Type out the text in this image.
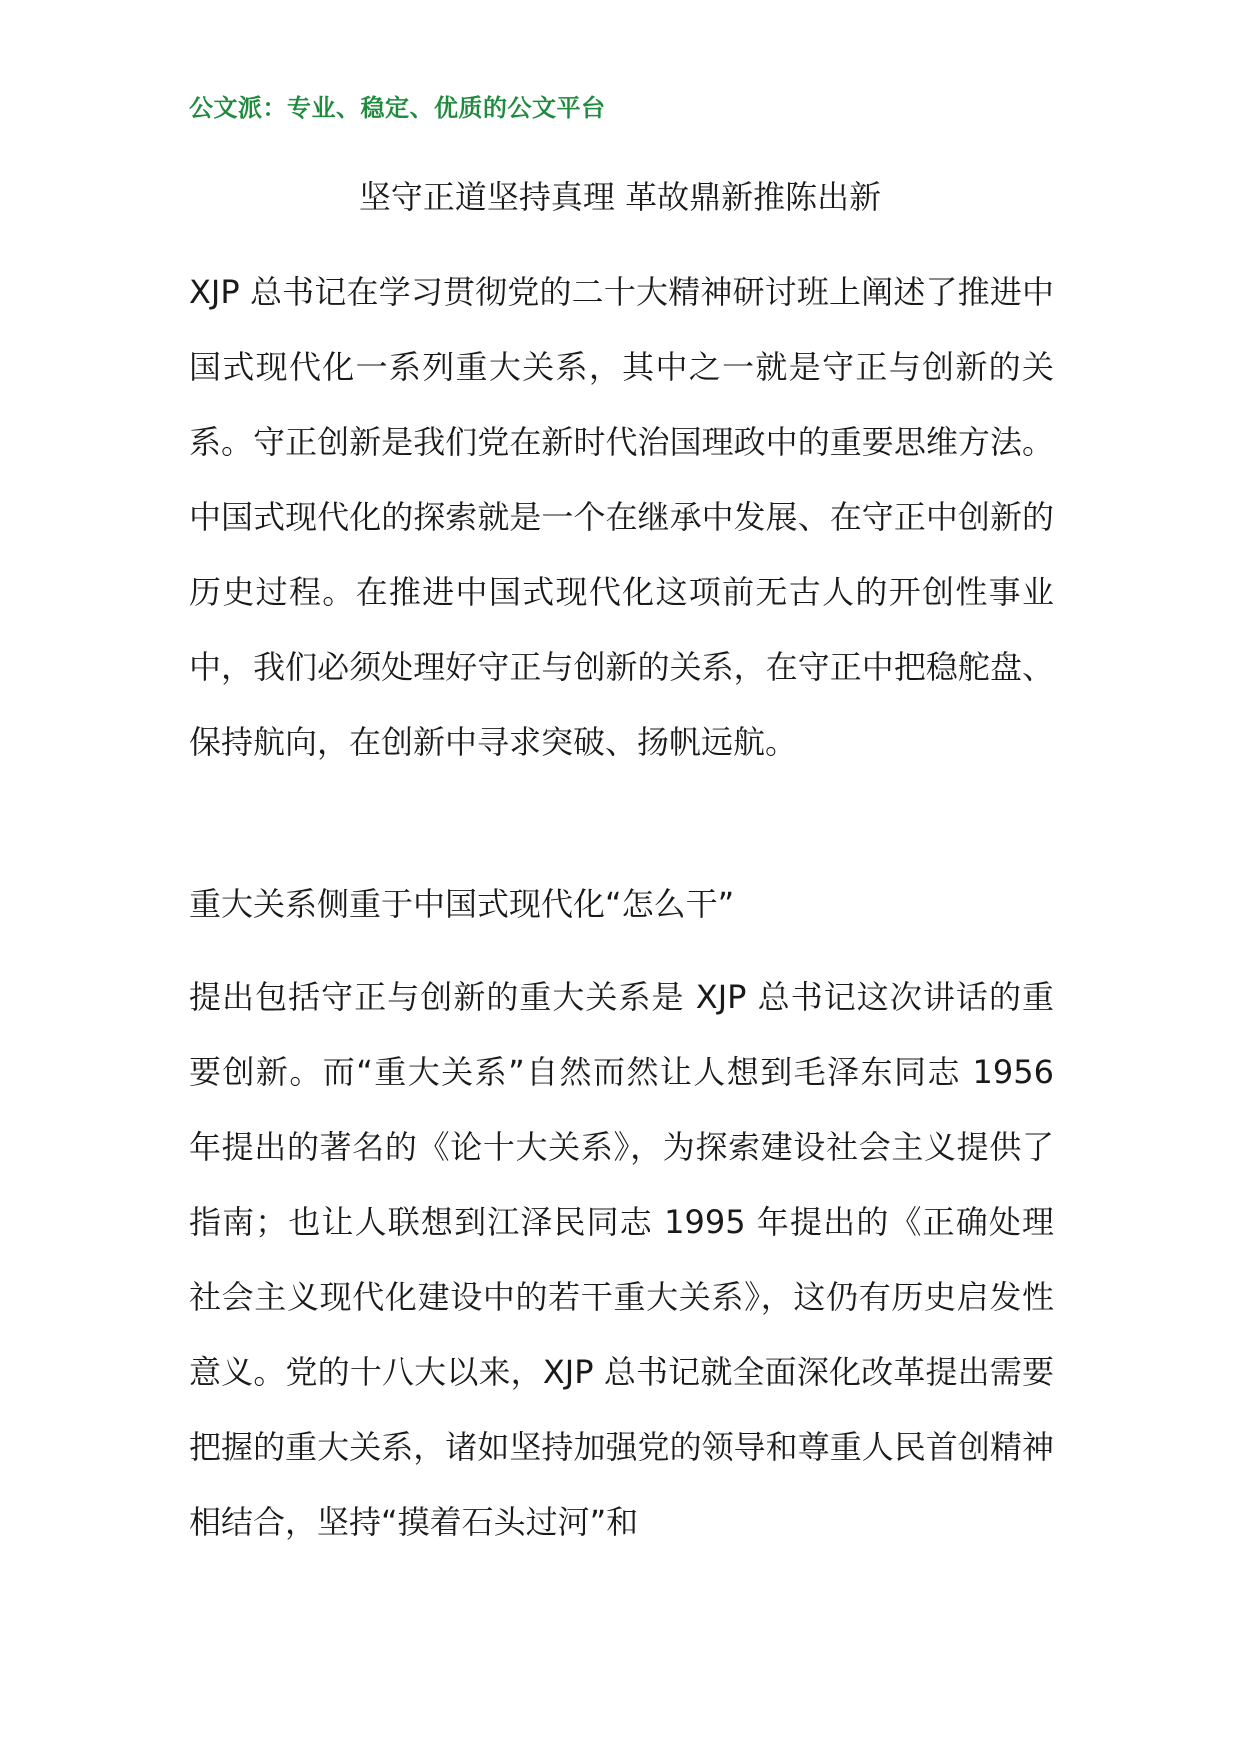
公文派：专业、稳定、优质的公文平台
坚守正道坚持真理 革故鼎新推陈出新

XJP 总书记在学习贯彻党的二十大精神研讨班上阐述了推进中国式现代化一系列重大关系，其中之一就是守正与创新的关系。守正创新是我们党在新时代治国理政中的重要思维方法。中国式现代化的探索就是一个在继承中发展、在守正中创新的历史过程。在推进中国式现代化这项前无古人的开创性事业中，我们必须处理好守正与创新的关系，在守正中把稳舵盘、保持航向，在创新中寻求突破、扬帆远航。

重大关系侧重于中国式现代化“怎么干”

提出包括守正与创新的重大关系是 XJP 总书记这次讲话的重要创新。而“重大关系”自然而然让人想到毛泽东同志 1956 年提出的著名的《论十大关系》，为探索建设社会主义提供了指南；也让人联想到江泽民同志 1995 年提出的《正确处理社会主义现代化建设中的若干重大关系》，这仍有历史启发性意义。党的十八大以来，XJP 总书记就全面深化改革提出需要把握的重大关系，诸如坚持加强党的领导和尊重人民首创精神相结合，坚持“摸着石头过河”和
